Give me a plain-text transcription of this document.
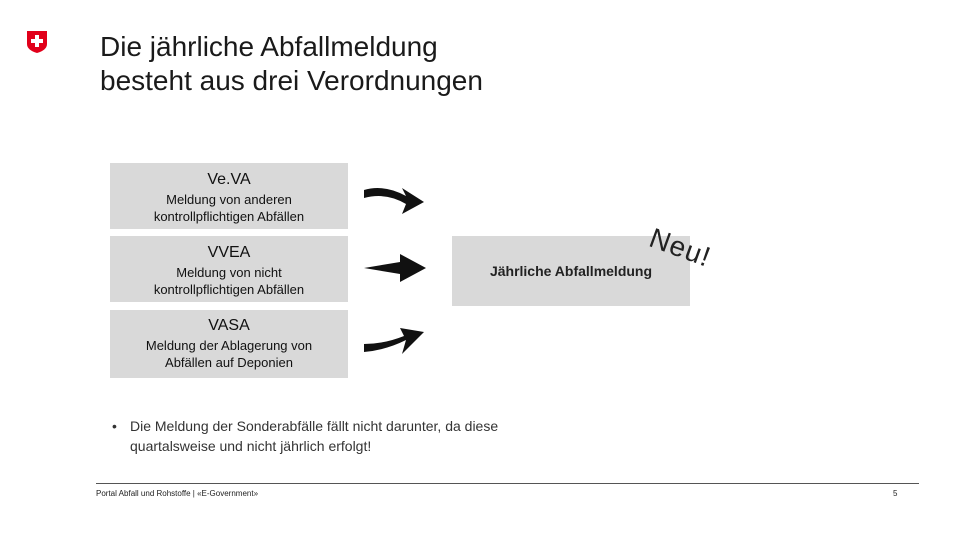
Die jährliche Abfallmeldung
besteht aus drei Verordnungen
Ve.VA
Meldung von anderen
kontrollpflichtigen Abfällen
VVEA
Meldung von nicht
kontrollpflichtigen Abfällen
VASA
Meldung der Ablagerung von
Abfällen auf Deponien
Jährliche Abfallmeldung
Neu!
• Die Meldung der Sonderabfälle fällt nicht darunter, da diese
quartalsweise und nicht jährlich erfolgt!
Portal Abfall und Rohstoffe | «E-Government»	5
